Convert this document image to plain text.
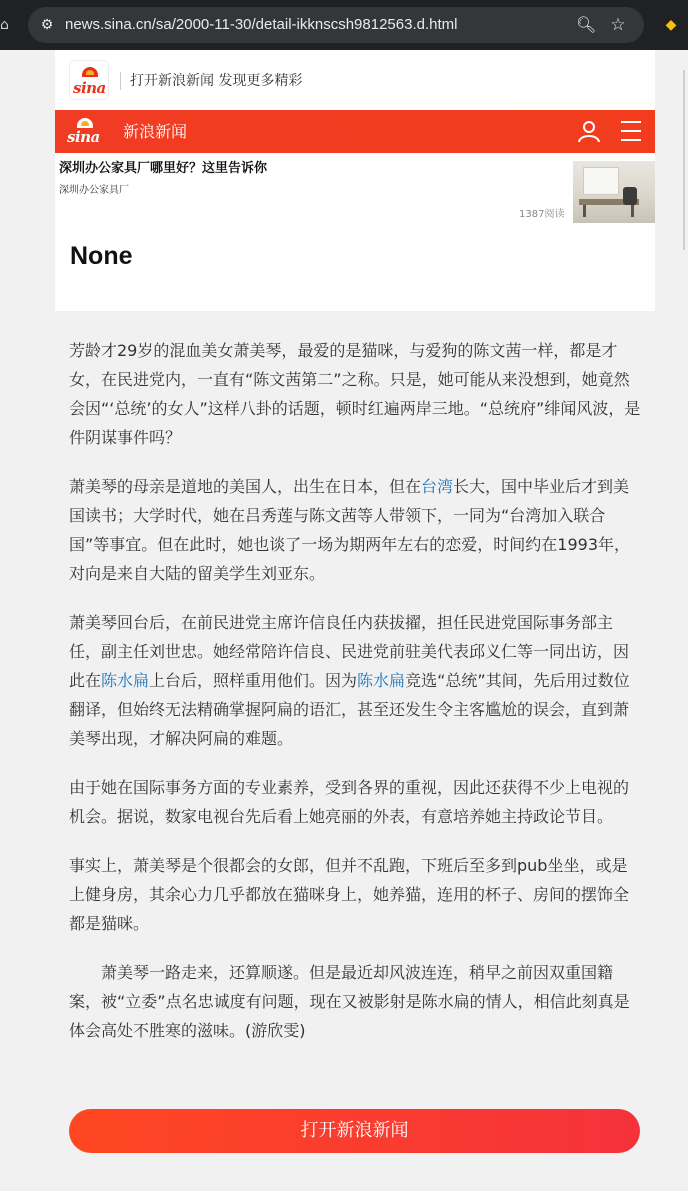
⌂ ⚙ news.sina.cn/sa/2000-11-30/detail-ikknscsh9812563.d.html	🔍︎ ☆	◆
sina 打开新浪新闻 发现更多精彩
sina 新浪新闻
深圳办公家具厂哪里好？这里告诉你
深圳办公家具厂
1387阅读
None

芳龄才29岁的混血美女萧美琴，最爱的是猫咪，与爱狗的陈文茜一样，都是才女，在民进党内，一直有“陈文茜第二”之称。只是，她可能从来没想到，她竟然会因“‘总统’的女人”这样八卦的话题，顿时红遍两岸三地。“总统府”绯闻风波，是件阴谋事件吗？

萧美琴的母亲是道地的美国人，出生在日本，但在台湾长大，国中毕业后才到美国读书；大学时代，她在吕秀莲与陈文茜等人带领下，一同为“台湾加入联合国”等事宜。但在此时，她也谈了一场为期两年左右的恋爱，时间约在1993年，对向是来自大陆的留美学生刘亚东。

萧美琴回台后，在前民进党主席许信良任内获拔擢，担任民进党国际事务部主任，副主任刘世忠。她经常陪许信良、民进党前驻美代表邱义仁等一同出访，因此在陈水扁上台后，照样重用他们。因为陈水扁竞选“总统”其间，先后用过数位翻译，但始终无法精确掌握阿扁的语汇，甚至还发生令主客尴尬的误会，直到萧美琴出现，才解决阿扁的难题。

由于她在国际事务方面的专业素养，受到各界的重视，因此还获得不少上电视的机会。据说，数家电视台先后看上她亮丽的外表，有意培养她主持政论节目。

事实上，萧美琴是个很都会的女郎，但并不乱跑，下班后至多到pub坐坐，或是上健身房，其余心力几乎都放在猫咪身上，她养猫，连用的杯子、房间的摆饰全都是猫咪。

萧美琴一路走来，还算顺遂。但是最近却风波连连，稍早之前因双重国籍案，被“立委”点名忠诚度有问题，现在又被影射是陈水扁的情人，相信此刻真是体会高处不胜寒的滋味。(游欣雯)

打开新浪新闻
